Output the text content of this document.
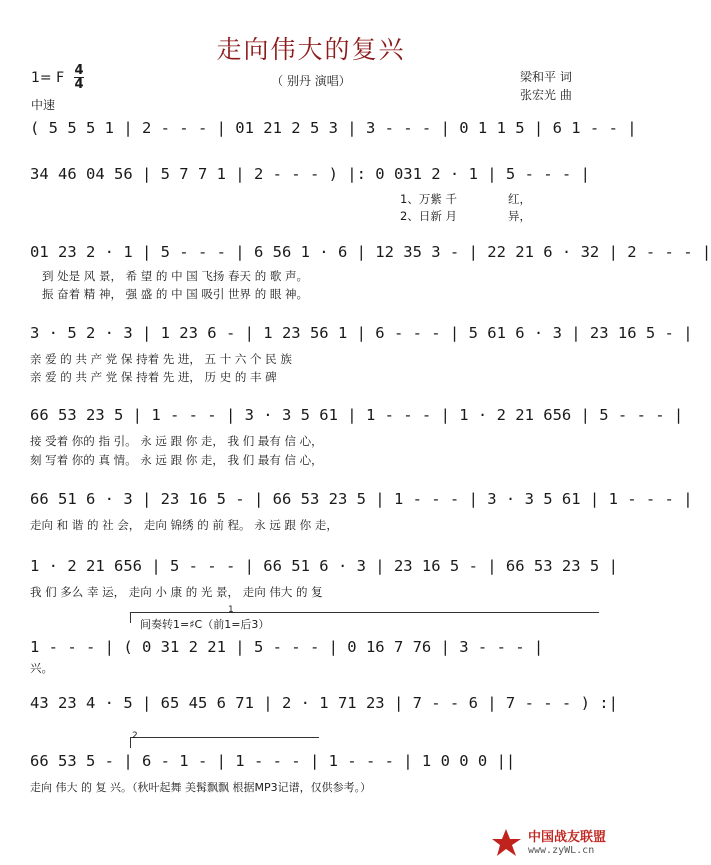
走向伟大的复兴
（ 别丹 演唱）	梁和平 词
张宏光 曲
1= F 4
4
中速
( 5 5 5 1 | 2 - - - | 01 21 2 5 3 | 3 - - - | 0 1 1 5 | 6 1 - - |
34 46 04 56 | 5 7 7 1 | 2 - - - ) |: 0 031 2 · 1 | 5 - - - |
1、万紫 千	红，
2、日新 月	异，
01 23 2 · 1 | 5 - - - | 6 56 1 · 6 | 12 35 3 - | 22 21 6 · 32 | 2 - - - |
到 处是 风 景， 希 望 的 中 国 飞扬 春天 的 歌 声。
振 奋着 精 神， 强 盛 的 中 国 吸引 世界 的 眼 神。
3 · 5 2 · 3 | 1 23 6 - | 1 23 56 1 | 6 - - - | 5 61 6 · 3 | 23 16 5 - |
亲 爱 的 共 产 党 保 持着 先 进， 五 十 六 个 民 族
亲 爱 的 共 产 党 保 持着 先 进， 历 史 的 丰 碑
66 53 23 5 | 1 - - - | 3 · 3 5 61 | 1 - - - | 1 · 2 21 656 | 5 - - - |
接 受着 你的 指 引。 永 远 跟 你 走， 我 们 最有 信 心，
刻 写着 你的 真 情。 永 远 跟 你 走， 我 们 最有 信 心，
66 51 6 · 3 | 23 16 5 - | 66 53 23 5 | 1 - - - | 3 · 3 5 61 | 1 - - - |
走向 和 谐 的 社 会， 走向 锦绣 的 前 程。 永 远 跟 你 走，
1 · 2 21 656 | 5 - - - | 66 51 6 · 3 | 23 16 5 - | 66 53 23 5 |
我 们 多么 幸 运， 走向 小 康 的 光 景， 走向 伟大 的 复
1
间奏转1=♯C（前1=后3）
1 - - - | ( 0 31 2 21 | 5 - - - | 0 16 7 76 | 3 - - - |
兴。
43 23 4 · 5 | 65 45 6 71 | 2 · 1 71 23 | 7 - - 6 | 7 - - - ) :|
2
66 53 5 - | 6 - 1 - | 1 - - - | 1 - - - | 1 0 0 0 ||
走向 伟大 的 复 兴。（秋叶起舞 美髯飘飘 根据MP3记谱，仅供参考。）
中国战友联盟
www.zyWL.cn
